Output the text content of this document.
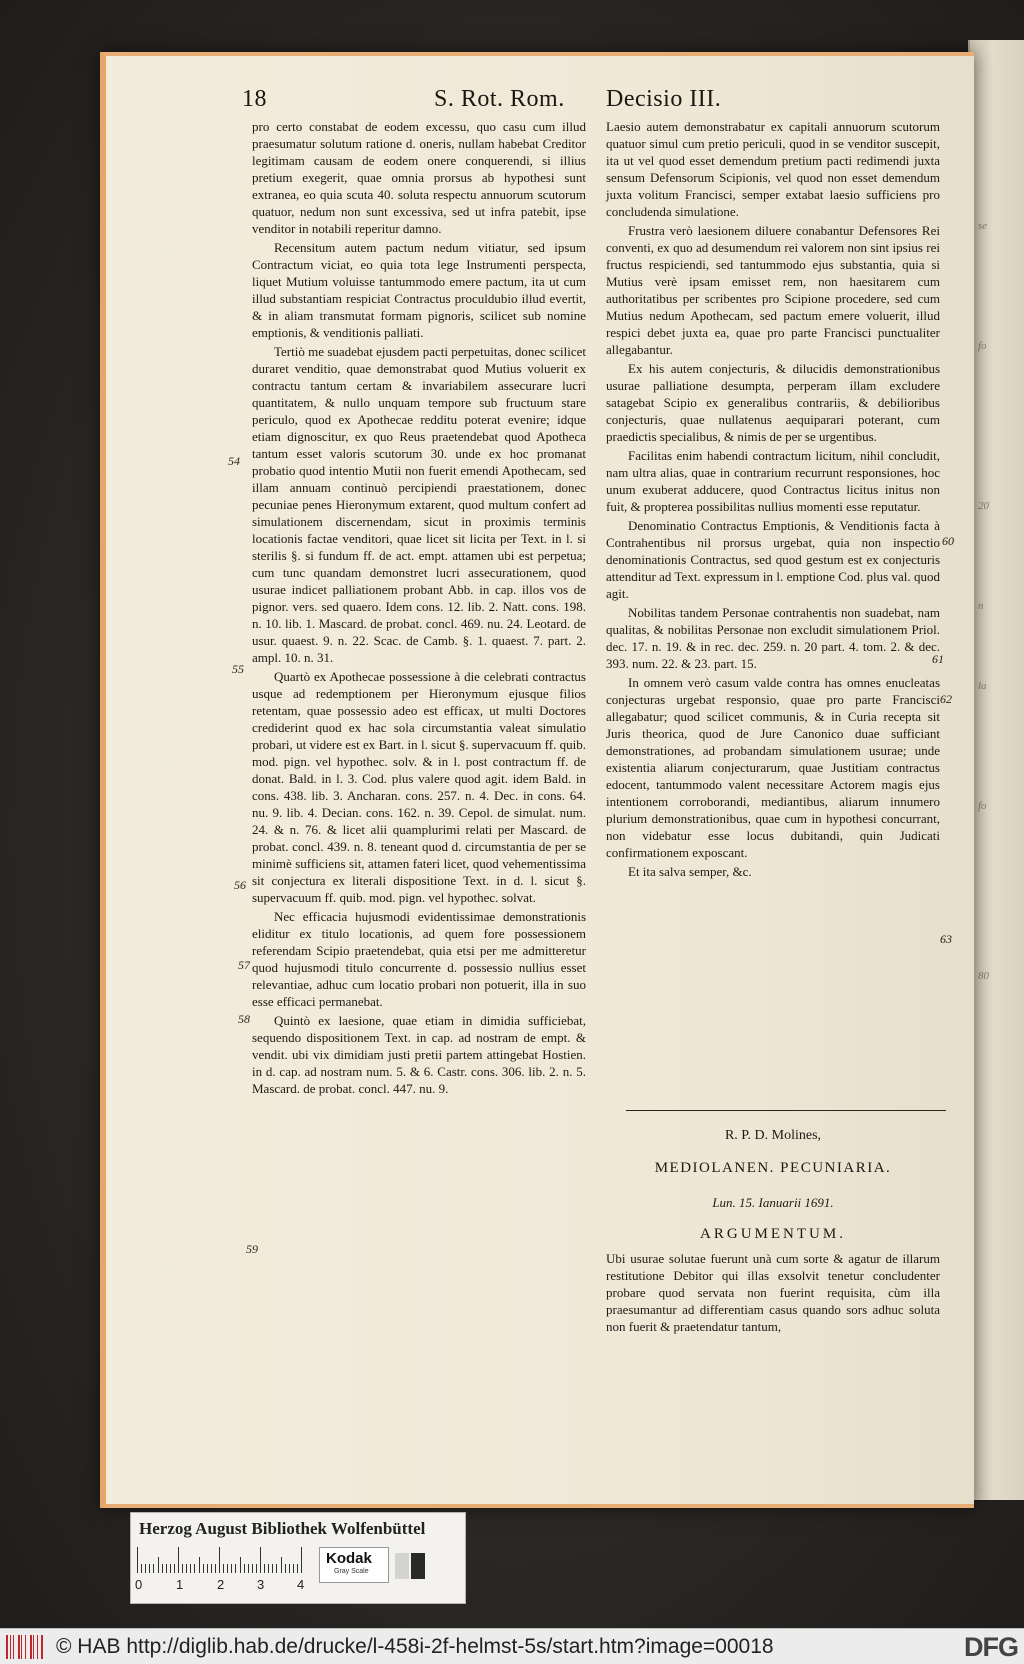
se
fo
20
n
la
fo
80
18	S. Rot. Rom. Decisio III.

pro certo constabat de eodem excessu, quo casu cum illud praesumatur solutum ratione d. oneris, nullam habebat Creditor legitimam causam de eodem onere conquerendi, si illius pretium exegerit, quae omnia prorsus ab hypothesi sunt extranea, eo quia scuta 40. soluta respectu annuorum scutorum quatuor, nedum non sunt excessiva, sed ut infra patebit, ipse venditor in notabili reperitur damno.

Recensitum autem pactum nedum vitiatur, sed ipsum Contractum viciat, eo quia tota lege Instrumenti perspecta, liquet Mutium voluisse tantummodo emere pactum, ita ut cum illud substantiam respiciat Contractus proculdubio illud evertit, & in aliam transmutat formam pignoris, scilicet sub nomine emptionis, & venditionis palliati.

Tertiò me suadebat ejusdem pacti perpetuitas, donec scilicet duraret venditio, quae demonstrabat quod Mutius voluerit ex contractu tantum certam & invariabilem assecurare lucri quantitatem, & nullo unquam tempore sub fructuum stare periculo, quod ex Apothecae redditu poterat evenire; idque etiam dignoscitur, ex quo Reus praetendebat quod Apotheca tantum esset valoris scutorum 30. unde ex hoc promanat probatio quod intentio Mutii non fuerit emendi Apothecam, sed illam annuam continuò percipiendi praestationem, donec pecuniae penes Hieronymum extarent, quod multum confert ad simulationem discernendam, sicut in proximis terminis locationis factae venditori, quae licet sit licita per Text. in l. si sterilis §. si fundum ff. de act. empt. attamen ubi est perpetua; cum tunc quandam demonstret lucri assecurationem, quod usurae indicet palliationem probant Abb. in cap. illos vos de pignor. vers. sed quaero. Idem cons. 12. lib. 2. Natt. cons. 198. n. 10. lib. 1. Mascard. de probat. concl. 469. nu. 24. Leotard. de usur. quaest. 9. n. 22. Scac. de Camb. §. 1. quaest. 7. part. 2. ampl. 10. n. 31.

Quartò ex Apothecae possessione à die celebrati contractus usque ad redemptionem per Hieronymum ejusque filios retentam, quae possessio adeo est efficax, ut multi Doctores crediderint quod ex hac sola circumstantia valeat simulatio probari, ut videre est ex Bart. in l. sicut §. supervacuum ff. quib. mod. pign. vel hypothec. solv. & in l. post contractum ff. de donat. Bald. in l. 3. Cod. plus valere quod agit. idem Bald. in cons. 438. lib. 3. Ancharan. cons. 257. n. 4. Dec. in cons. 64. nu. 9. lib. 4. Decian. cons. 162. n. 39. Cepol. de simulat. num. 24. & n. 76. & licet alii quamplurimi relati per Mascard. de probat. concl. 439. n. 8. teneant quod d. circumstantia de per se minimè sufficiens sit, attamen fateri licet, quod vehementissima sit conjectura ex literali dispositione Text. in d. l. sicut §. supervacuum ff. quib. mod. pign. vel hypothec. solvat.

Nec efficacia hujusmodi evidentissimae demonstrationis eliditur ex titulo locationis, ad quem fore possessionem referendam Scipio praetendebat, quia etsi per me admitteretur quod hujusmodi titulo concurrente d. possessio nullius esset relevantiae, adhuc cum locatio probari non potuerit, illa in suo esse efficaci permanebat.

Quintò ex laesione, quae etiam in dimidia sufficiebat, sequendo dispositionem Text. in cap. ad nostram de empt. & vendit. ubi vix dimidiam justi pretii partem attingebat Hostien. in d. cap. ad nostram num. 5. & 6. Castr. cons. 306. lib. 2. n. 5. Mascard. de probat. concl. 447. nu. 9.

Laesio autem demonstrabatur ex capitali annuorum scutorum quatuor simul cum pretio periculi, quod in se venditor suscepit, ita ut vel quod esset demendum pretium pacti redimendi juxta sensum Defensorum Scipionis, vel quod non esset demendum juxta volitum Francisci, semper extabat laesio sufficiens pro concludenda simulatione.

Frustra verò laesionem diluere conabantur Defensores Rei conventi, ex quo ad desumendum rei valorem non sint ipsius rei fructus respiciendi, sed tantummodo ejus substantia, quia si Mutius verè ipsam emisset rem, non haesitarem cum authoritatibus per scribentes pro Scipione procedere, sed cum Mutius nedum Apothecam, sed pactum emere voluerit, illud respici debet juxta ea, quae pro parte Francisci punctualiter allegabantur.

Ex his autem conjecturis, & dilucidis demonstrationibus usurae palliatione desumpta, perperam illam excludere satagebat Scipio ex generalibus contrariis, & debilioribus conjecturis, quae nullatenus aequiparari poterant, cum praedictis specialibus, & nimis de per se urgentibus.

Facilitas enim habendi contractum licitum, nihil concludit, nam ultra alias, quae in contrarium recurrunt responsiones, hoc unum exuberat adducere, quod Contractus licitus initus non fuit, & propterea possibilitas nullius momenti esse reputatur.

Denominatio Contractus Emptionis, & Venditionis facta à Contrahentibus nil prorsus urgebat, quia non inspectio denominationis Contractus, sed quod gestum est ex conjecturis attenditur ad Text. expressum in l. emptione Cod. plus val. quod agit.

Nobilitas tandem Personae contrahentis non suadebat, nam qualitas, & nobilitas Personae non excludit simulationem Priol. dec. 17. n. 19. & in rec. dec. 259. n. 20 part. 4. tom. 2. & dec. 393. num. 22. & 23. part. 15.

In omnem verò casum valde contra has omnes enucleatas conjecturas urgebat responsio, quae pro parte Francisci allegabatur; quod scilicet communis, & in Curia recepta sit Juris theorica, quod de Jure Canonico duae sufficiant demonstrationes, ad probandam simulationem usurae; unde existentia aliarum conjecturarum, quae Justitiam contractus edocent, tantummodo valent necessitare Actorem magis ejus intentionem corroborandi, mediantibus, aliarum innumero plurium demonstrationibus, quae cum in hypothesi concurrant, non videbatur esse locus dubitandi, quin Judicati confirmationem exposcant.

Et ita salva semper, &c.

54
55
56
57
58
59
60
61
62
63
R. P. D. Molines,
MEDIOLANEN. PECUNIARIA.
Lun. 15. Ianuarii 1691.
ARGUMENTUM.

Ubi usurae solutae fuerunt unà cum sorte & agatur de illarum restitutione Debitor qui illas exsolvit tenetur concludenter probare quod servata non fuerint requisita, cùm illa praesumantur ad differentiam casus quando sors adhuc soluta non fuerit & praetendatur tantum,

Herzog August Bibliothek Wolfenbüttel
0	1	2	3	4
Kodak
Gray Scale
© HAB http://diglib.hab.de/drucke/l-458i-2f-helmst-5s/start.htm?image=00018	DFG
